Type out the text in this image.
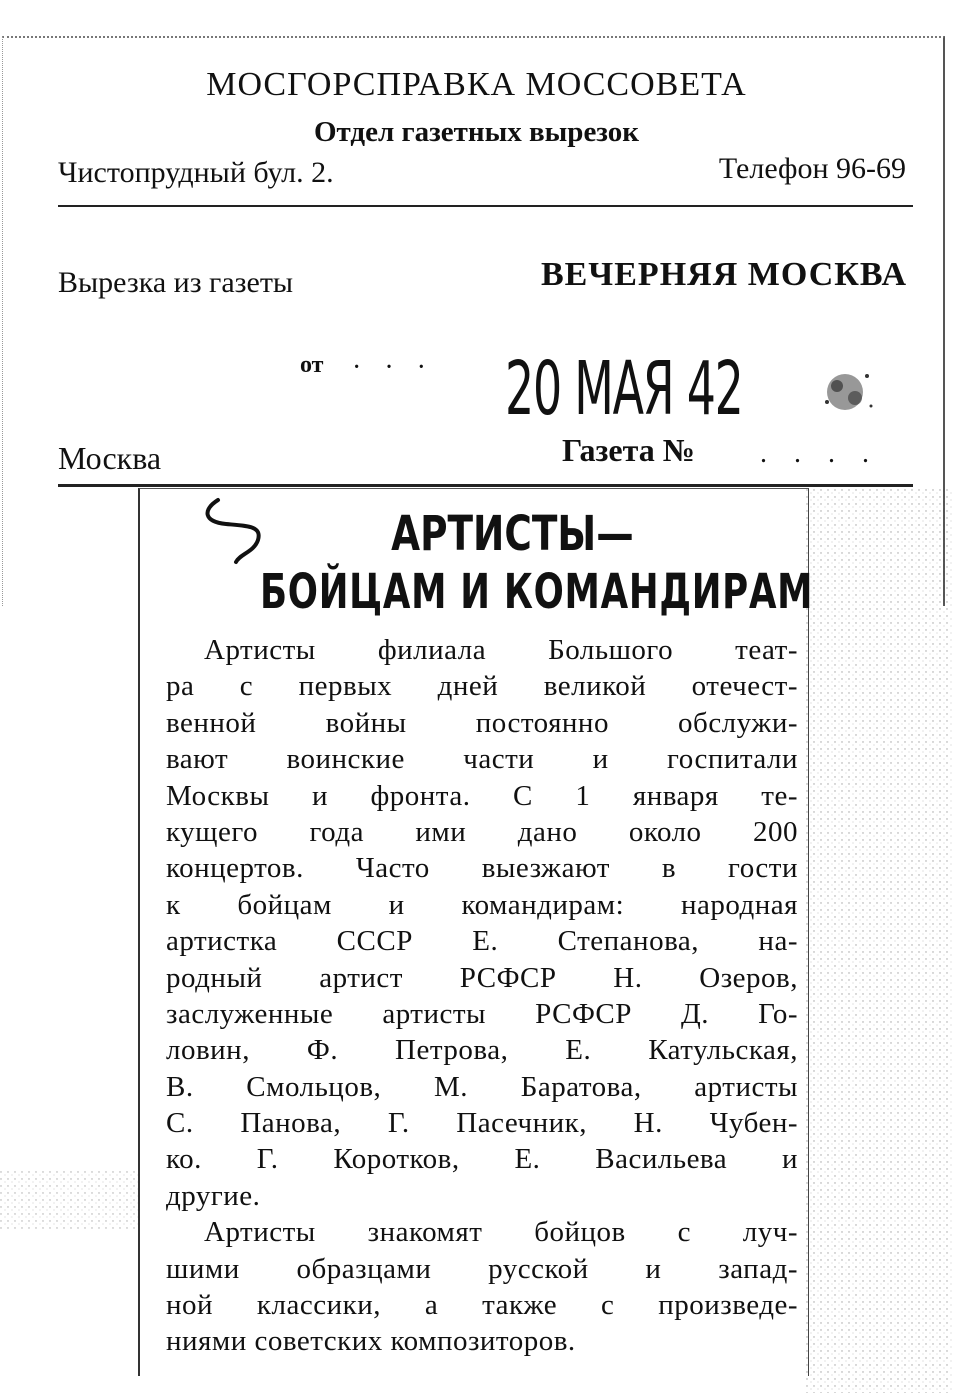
МОСГОРСПРАВКА МОССОВЕТА
Отдел газетных вырезок
Чистопрудный бул. 2.	Телефон 96-69
Вырезка из газеты	ВЕЧЕРНЯЯ МОСКВА
от · · · 20 МАЯ 42
Москва	Газета № . . . .
АРТИСТЫ—
БОЙЦАМ И КОМАНДИРАМ

Артисты филиала Большого теат-
ра с первых дней великой отечест-
венной войны постоянно обслужи-
вают воинские части и госпитали
Москвы и фронта. С 1 января те-
кущего года ими дано около 200
концертов. Часто выезжают в гости
к бойцам и командирам: народная
артистка СССР Е. Степанова, на-
родный артист РСФСР Н. Озеров,
заслуженные артисты РСФСР Д. Го-
ловин, Ф. Петрова, Е. Катульская,
В. Смольцов, М. Баратова, артисты
С. Панова, Г. Пасечник, Н. Чубен-
ко. Г. Коротков, Е. Васильева и
другие.

Артисты знакомят бойцов с луч-
шими образцами русской и запад-
ной классики, а также с произведе-
ниями советских композиторов.
